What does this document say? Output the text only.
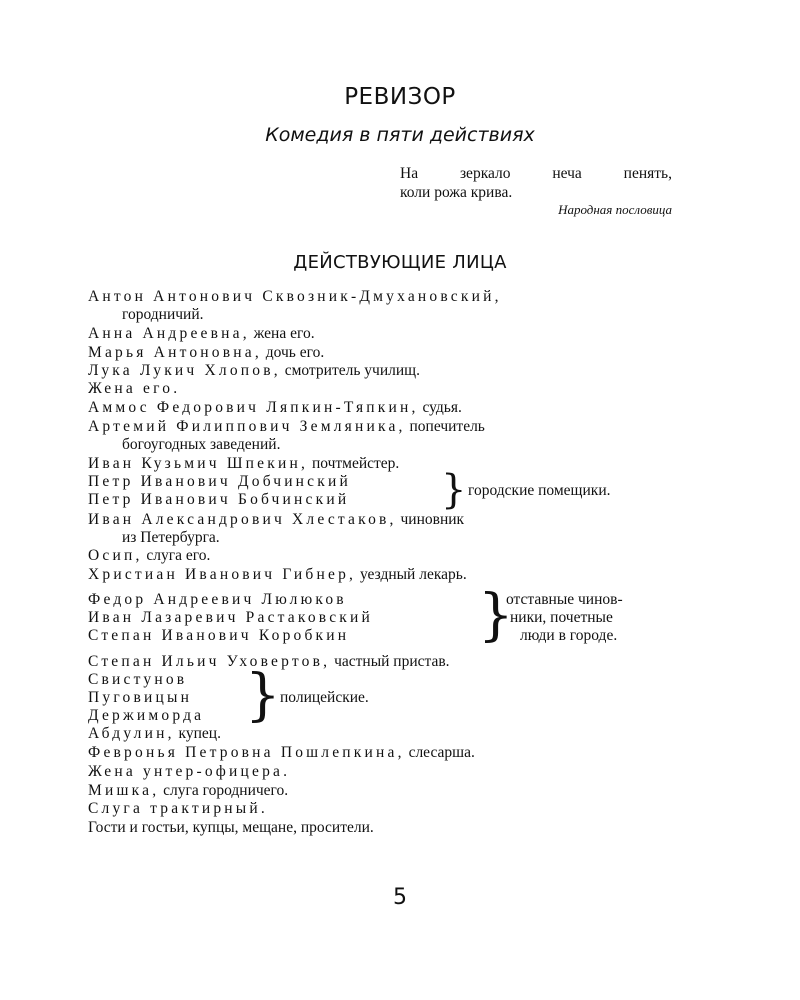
РЕВИЗОР
Комедия в пяти действиях
На зеркало неча пенять,
коли рожа крива.
Народная пословица
ДЕЙСТВУЮЩИЕ ЛИЦА
Антон Антонович Сквозник-Дмухановский,
городничий.
Анна Андреевна, жена его.
Марья Антоновна, дочь его.
Лука Лукич Хлопов, смотритель училищ.
Жена его.
Аммос Федорович Ляпкин-Тяпкин, судья.
Артемий Филиппович Земляника, попечитель
богоугодных заведений.
Иван Кузьмич Шпекин, почтмейстер.
Петр Иванович Добчинский
Петр Иванович Бобчинский } городские помещики.
Иван Александрович Хлестаков, чиновник
из Петербурга.
Осип, слуга его.
Христиан Иванович Гибнер, уездный лекарь.
Федор Андреевич Люлюков
Иван Лазаревич Растаковский
Степан Иванович Коробкин }
отставные чинов-
ники, почетные
люди в городе.
Степан Ильич Уховертов, частный пристав.
Свистунов
Пуговицын
Держиморда } полицейские.
Абдулин, купец.
Февронья Петровна Пошлепкина, слесарша.
Жена унтер-офицера.
Мишка, слуга городничего.
Слуга трактирный.
Гости и гостьи, купцы, мещане, просители.
5
